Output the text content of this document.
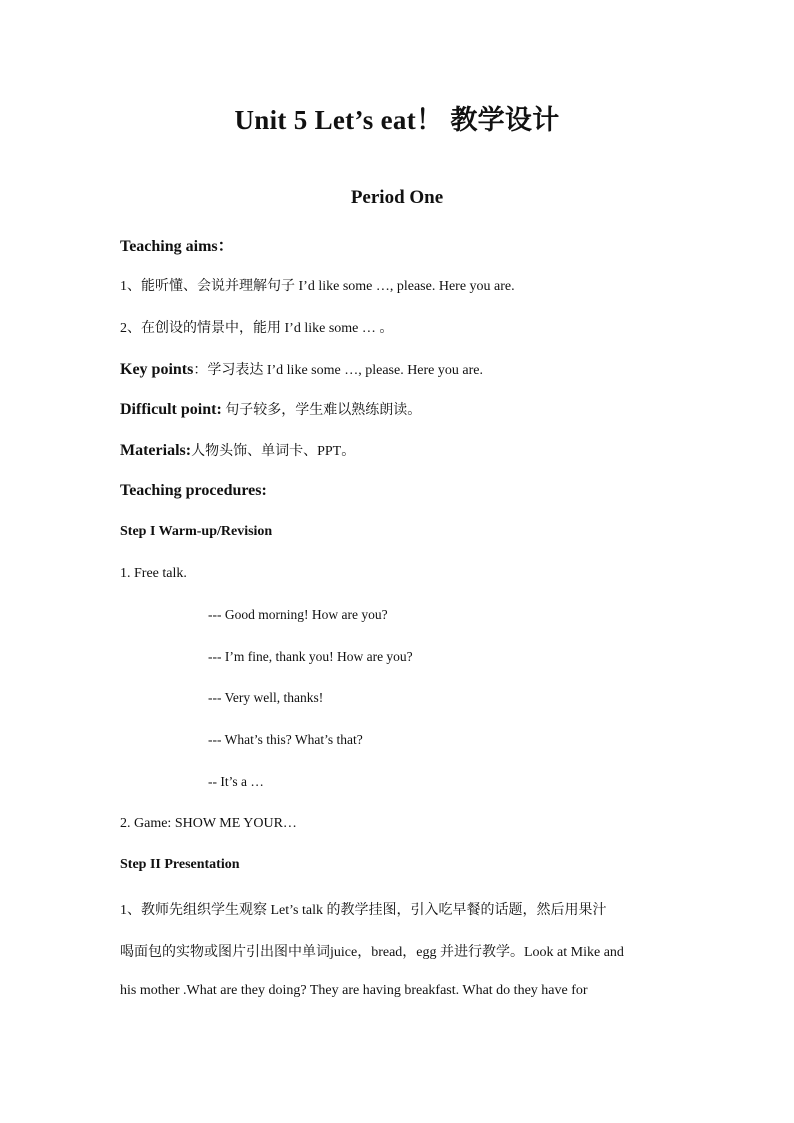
Unit 5 Let’s eat！ 教学设计
Period One
Teaching aims：
1、能听懂、会说并理解句子 I’d like some …, please. Here you are.
2、在创设的情景中，能用 I’d like some … 。
Key points：学习表达 I’d like some …, please. Here you are.
Difficult point: 句子较多，学生难以熟练朗读。
Materials:人物头饰、单词卡、PPT。
Teaching procedures:
Step I Warm-up/Revision
1. Free talk.
--- Good morning! How are you?
--- I’m fine, thank you! How are you?
--- Very well, thanks!
--- What’s this? What’s that?
-- It’s a …
2. Game: SHOW ME YOUR…
Step II Presentation
1、教师先组织学生观察 Let’s talk 的教学挂图，引入吃早餐的话题，然后用果汁
喝面包的实物或图片引出图中单词juice，bread，egg 并进行教学。Look at Mike and
his mother .What are they doing? They are having breakfast. What do they have for
